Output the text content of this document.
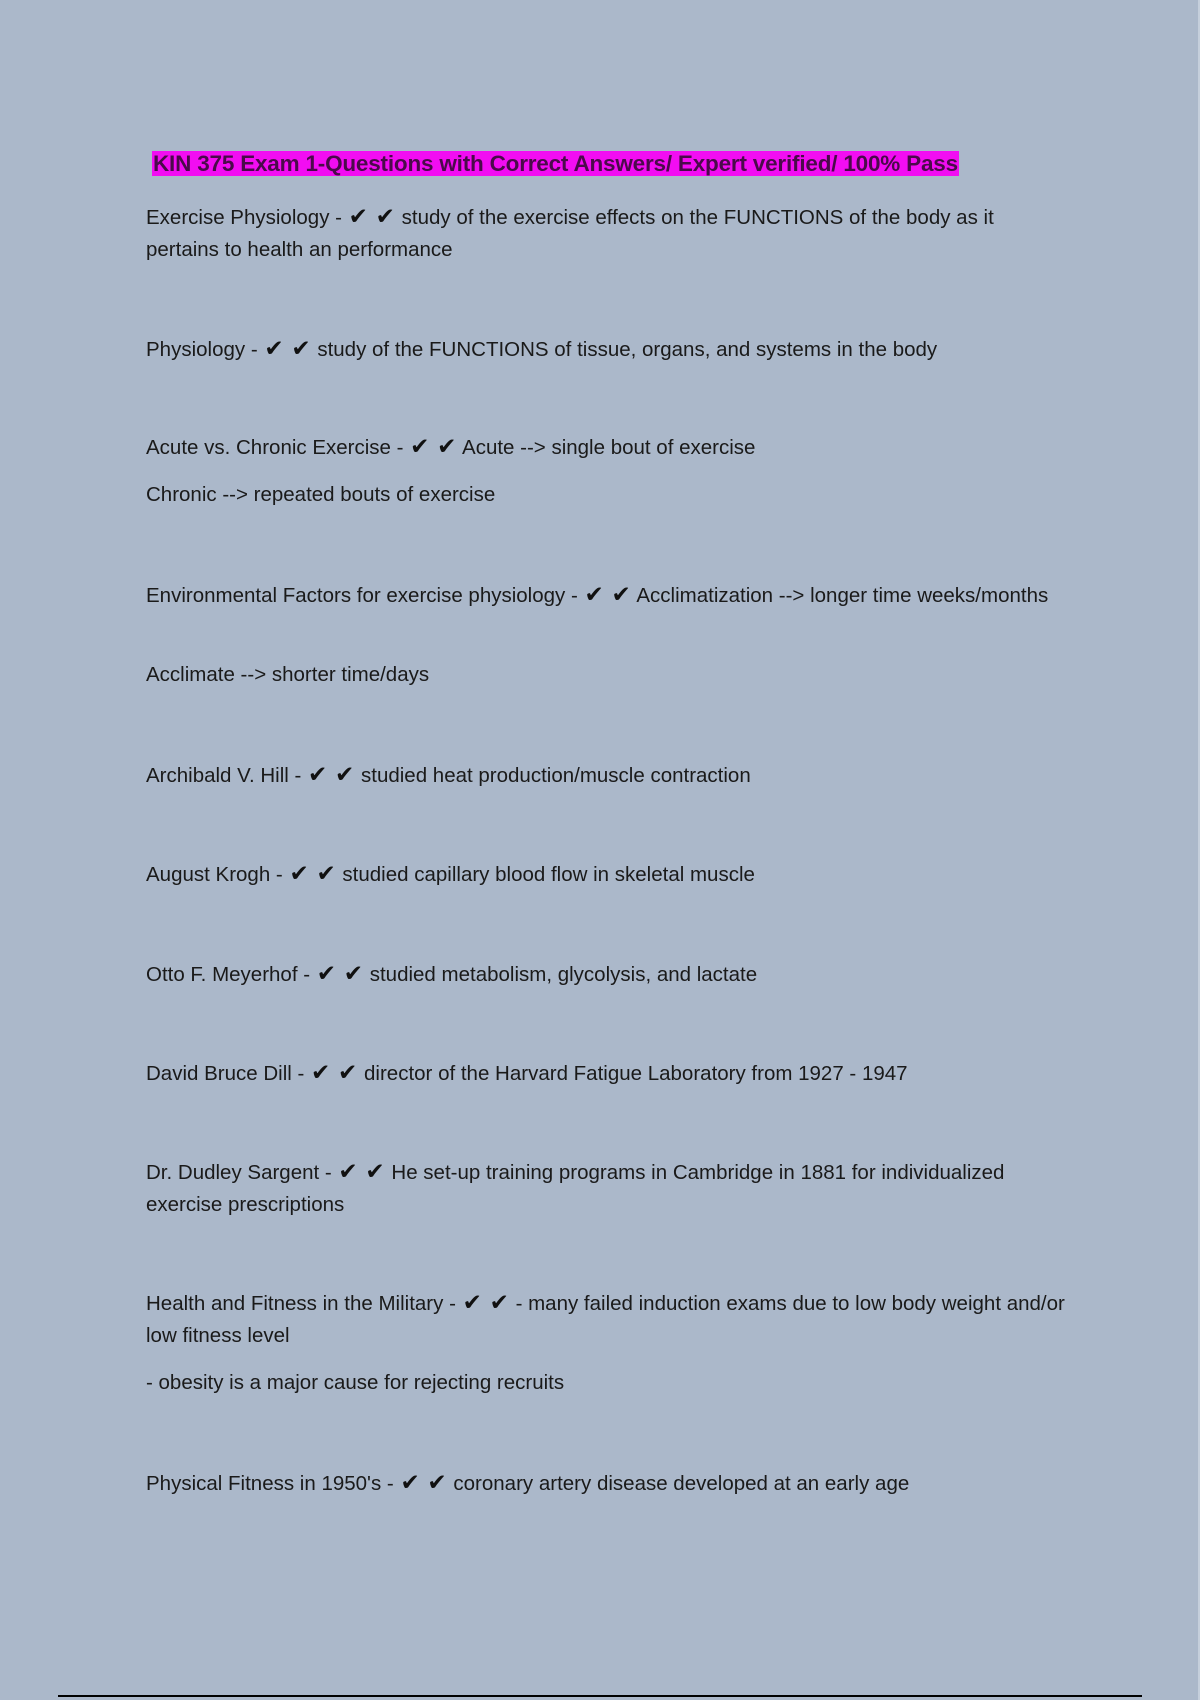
KIN 375 Exam 1-Questions with Correct Answers/ Expert verified/ 100% Pass
Exercise Physiology - ✔ ✔ study of the exercise effects on the FUNCTIONS of the body as it pertains to health an performance
Physiology - ✔ ✔ study of the FUNCTIONS of tissue, organs, and systems in the body
Acute vs. Chronic Exercise - ✔ ✔ Acute --> single bout of exercise
Chronic --> repeated bouts of exercise
Environmental Factors for exercise physiology - ✔ ✔ Acclimatization --> longer time weeks/months
Acclimate --> shorter time/days
Archibald V. Hill - ✔ ✔ studied heat production/muscle contraction
August Krogh - ✔ ✔ studied capillary blood flow in skeletal muscle
Otto F. Meyerhof - ✔ ✔ studied metabolism, glycolysis, and lactate
David Bruce Dill - ✔ ✔ director of the Harvard Fatigue Laboratory from 1927 - 1947
Dr. Dudley Sargent - ✔ ✔ He set-up training programs in Cambridge in 1881 for individualized exercise prescriptions
Health and Fitness in the Military - ✔ ✔ - many failed induction exams due to low body weight and/or low fitness level
- obesity is a major cause for rejecting recruits
Physical Fitness in 1950's - ✔ ✔ coronary artery disease developed at an early age
